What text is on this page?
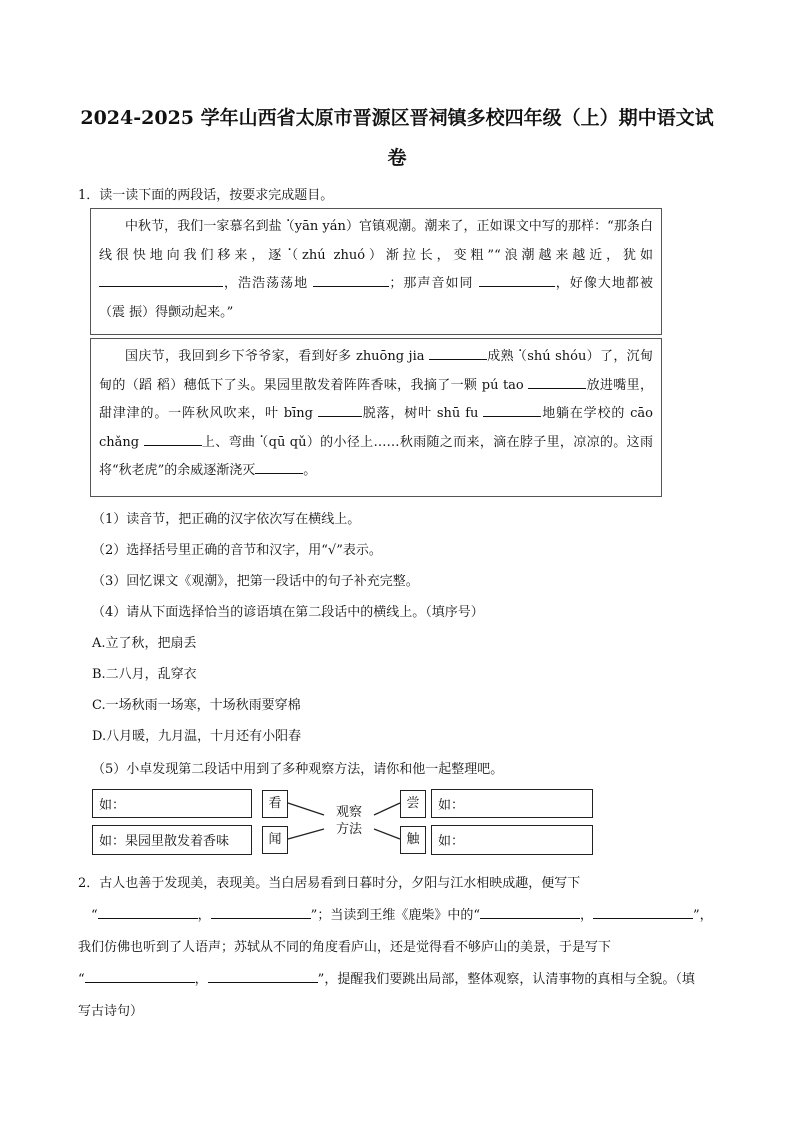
2024-2025 学年山西省太原市晋源区晋祠镇多校四年级（上）期中语文试
卷
1．读一读下面的两段话，按要求完成题目。

中秋节，我们一家慕名到盐（yān yán）官镇观潮。潮来了，正如课文中写的那样：“那条白线很快地向我们移来，逐（zhú zhuó）渐拉长，变粗”“浪潮越来越近，犹如 ，浩浩荡荡地	；那声音如同	，好像大地都被 （震 振）得颤动起来。”

国庆节，我回到乡下爷爷家，看到好多 zhuōng jia	成熟（shú shóu）了，沉甸甸的（蹈 稻）穗低下了头。果园里散发着阵阵香味，我摘了一颗 pú tao	放进嘴里，甜津津的。一阵秋风吹来，叶 bīng	脱落，树叶 shū fu	地躺在学校的 cāo chǎng	上、弯曲（qū qǔ）的小径上……秋雨随之而来，滴在脖子里，凉凉的。这雨将“秋老虎”的余威逐渐浇灭	。

（1）读音节，把正确的汉字依次写在横线上。
（2）选择括号里正确的音节和汉字，用“√”表示。
（3）回忆课文《观潮》，把第一段话中的句子补充完整。
（4）请从下面选择恰当的谚语填在第二段话中的横线上。（填序号）
A.立了秋，把扇丢
B.二八月，乱穿衣
C.一场秋雨一场寒，十场秋雨要穿棉
D.八月暖，九月温，十月还有小阳春
（5）小卓发现第二段话中用到了多种观察方法，请你和他一起整理吧。
如：	看
如：果园里散发着香味	闻
观察
方法
尝	如：
触	如：
2．古人也善于发现美，表现美。当白居易看到日暮时分，夕阳与江水相映成趣，便写下
“	，	”；当读到王维《鹿柴》中的“	，	”，
我们仿佛也听到了人语声；苏轼从不同的角度看庐山，还是觉得看不够庐山的美景，于是写下
“	，	”，提醒我们要跳出局部，整体观察，认清事物的真相与全貌。（填
写古诗句）
